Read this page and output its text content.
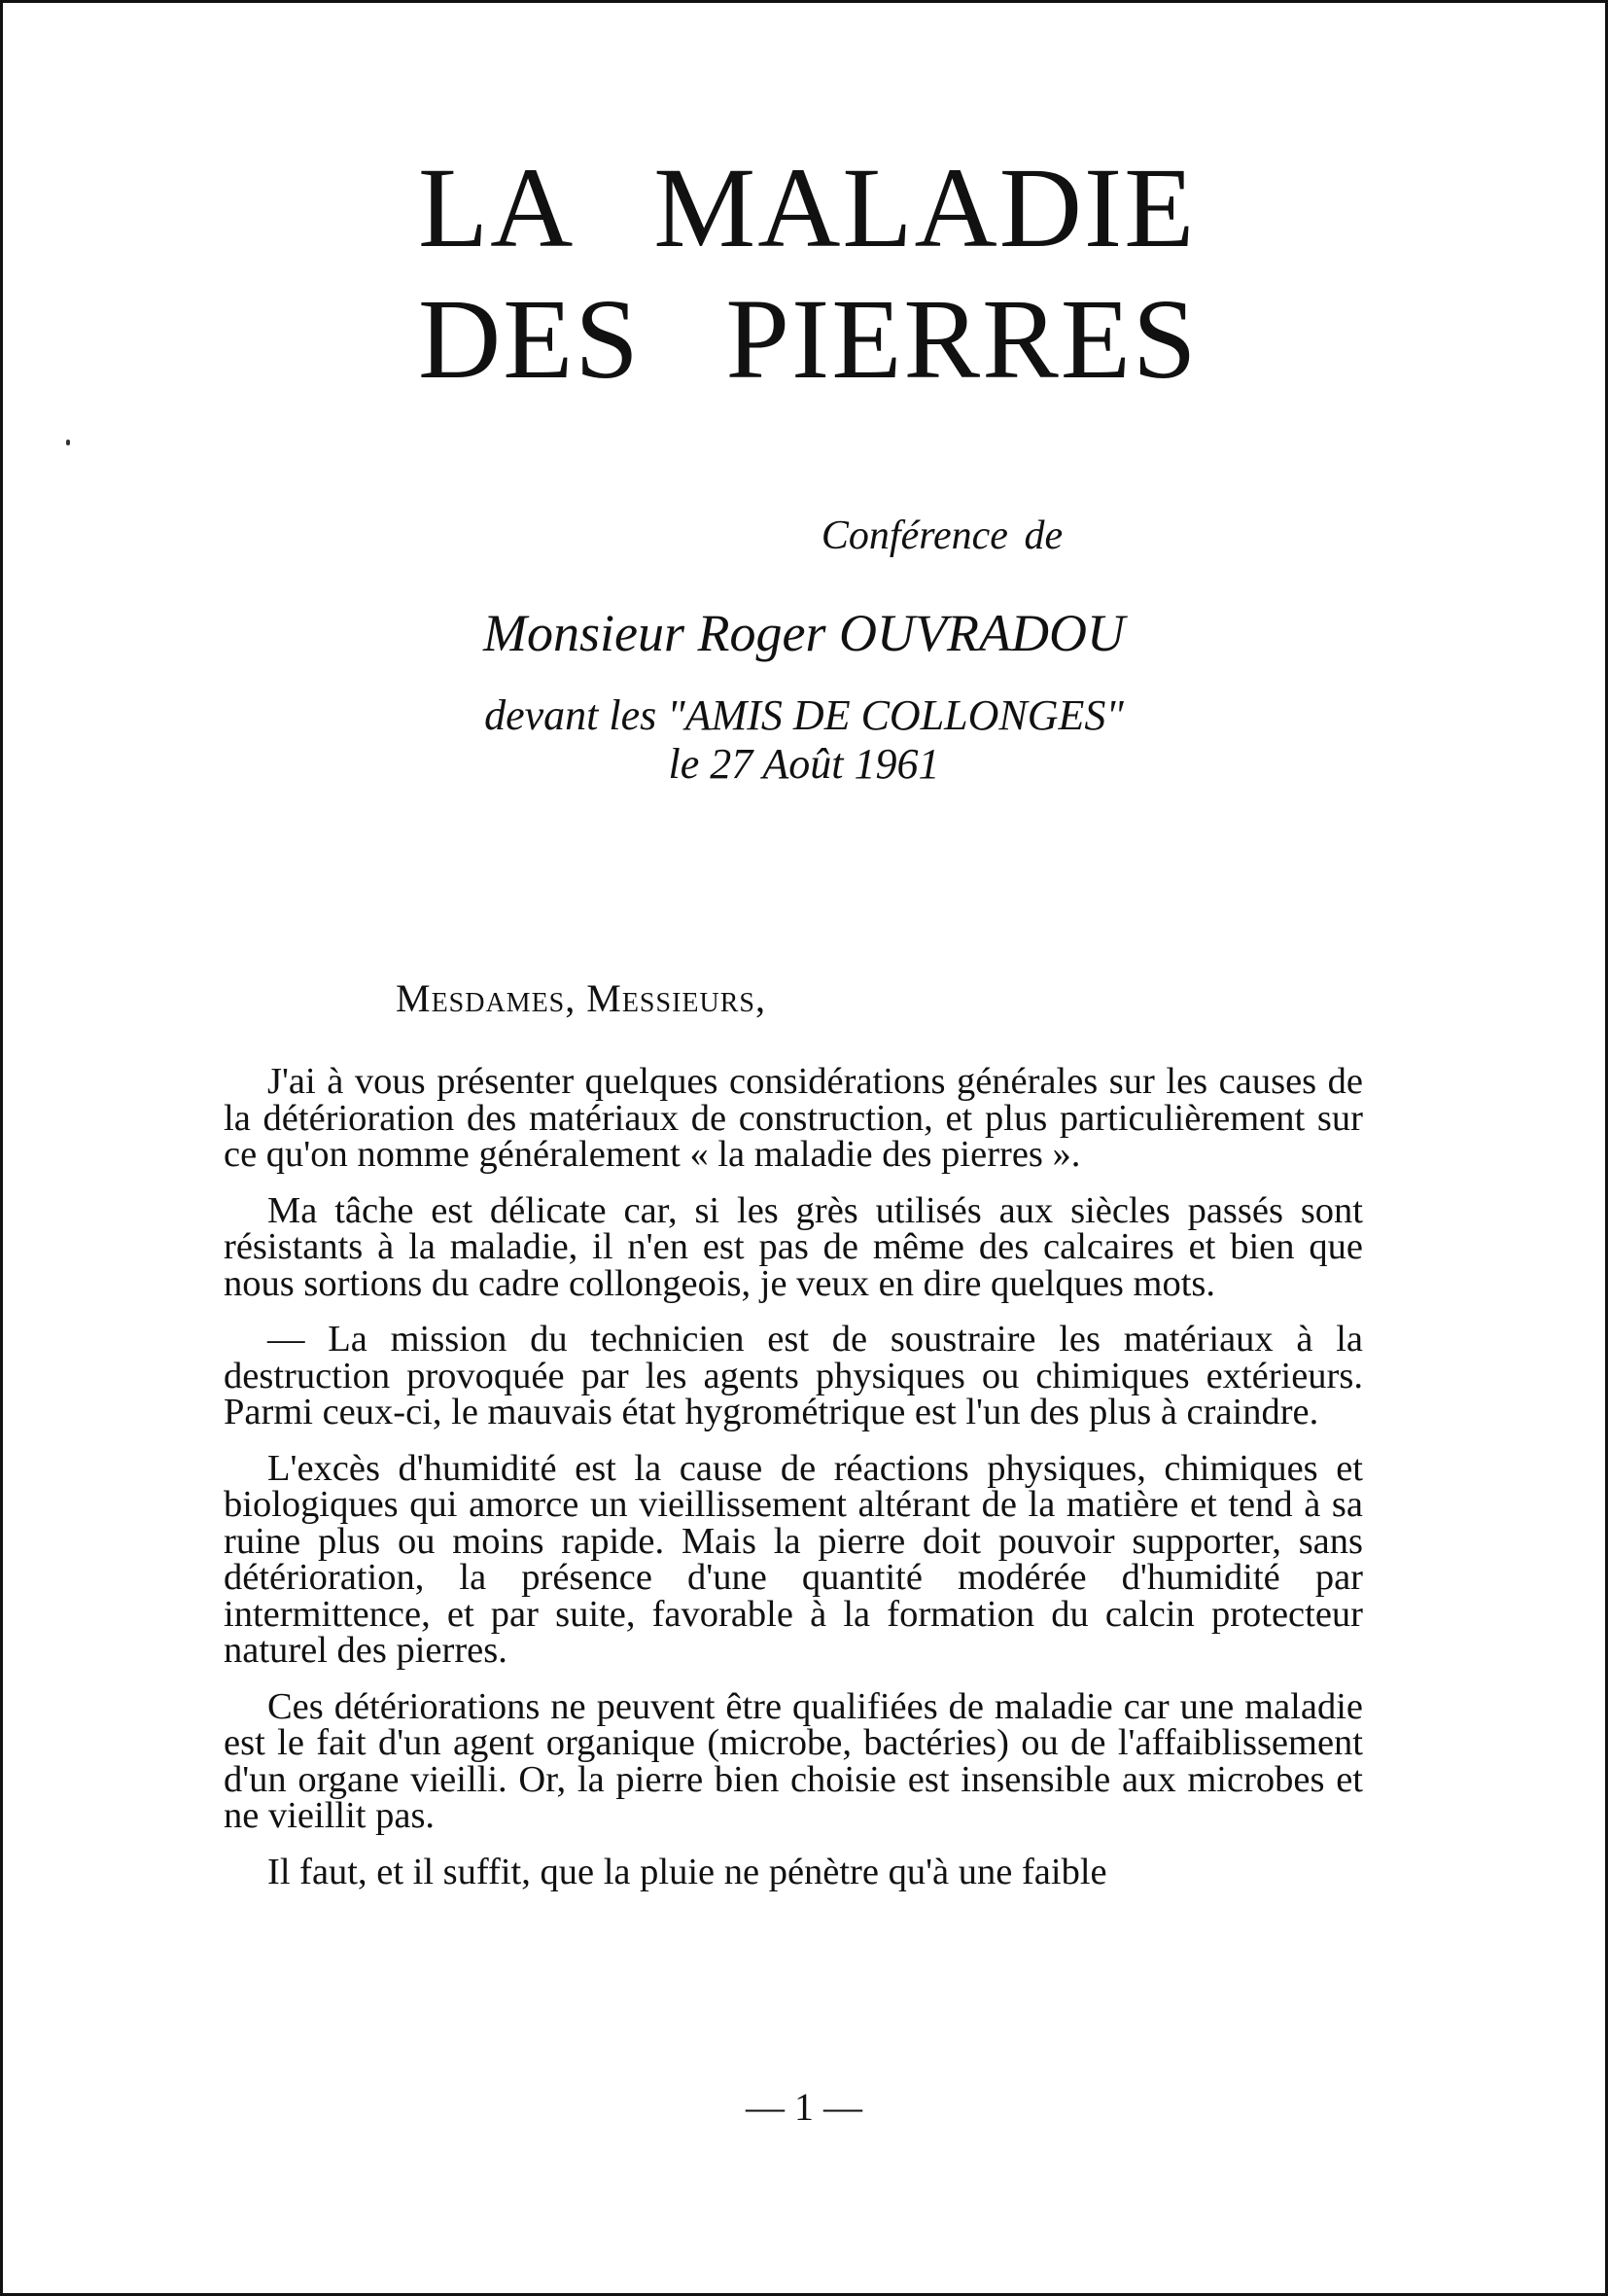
LA MALADIE
DES PIERRES
Conférence de
Monsieur Roger OUVRADOU
devant les "AMIS DE COLLONGES"
le 27 Août 1961
Mesdames, Messieurs,

J'ai à vous présenter quelques considérations générales sur les causes de la détérioration des matériaux de construction, et plus particulièrement sur ce qu'on nomme généralement « la maladie des pierres ».

Ma tâche est délicate car, si les grès utilisés aux siècles passés sont résistants à la maladie, il n'en est pas de même des calcaires et bien que nous sortions du cadre collongeois, je veux en dire quelques mots.

— La mission du technicien est de soustraire les matériaux à la destruction provoquée par les agents physiques ou chimiques extérieurs. Parmi ceux-ci, le mauvais état hygrométrique est l'un des plus à craindre.

L'excès d'humidité est la cause de réactions physiques, chimiques et biologiques qui amorce un vieillissement altérant de la matière et tend à sa ruine plus ou moins rapide. Mais la pierre doit pouvoir supporter, sans détérioration, la présence d'une quantité modérée d'humidité par intermittence, et par suite, favorable à la formation du calcin protecteur naturel des pierres.

Ces détériorations ne peuvent être qualifiées de maladie car une maladie est le fait d'un agent organique (microbe, bactéries) ou de l'affaiblissement d'un organe vieilli. Or, la pierre bien choisie est insensible aux microbes et ne vieillit pas.

Il faut, et il suffit, que la pluie ne pénètre qu'à une faible

— 1 —
